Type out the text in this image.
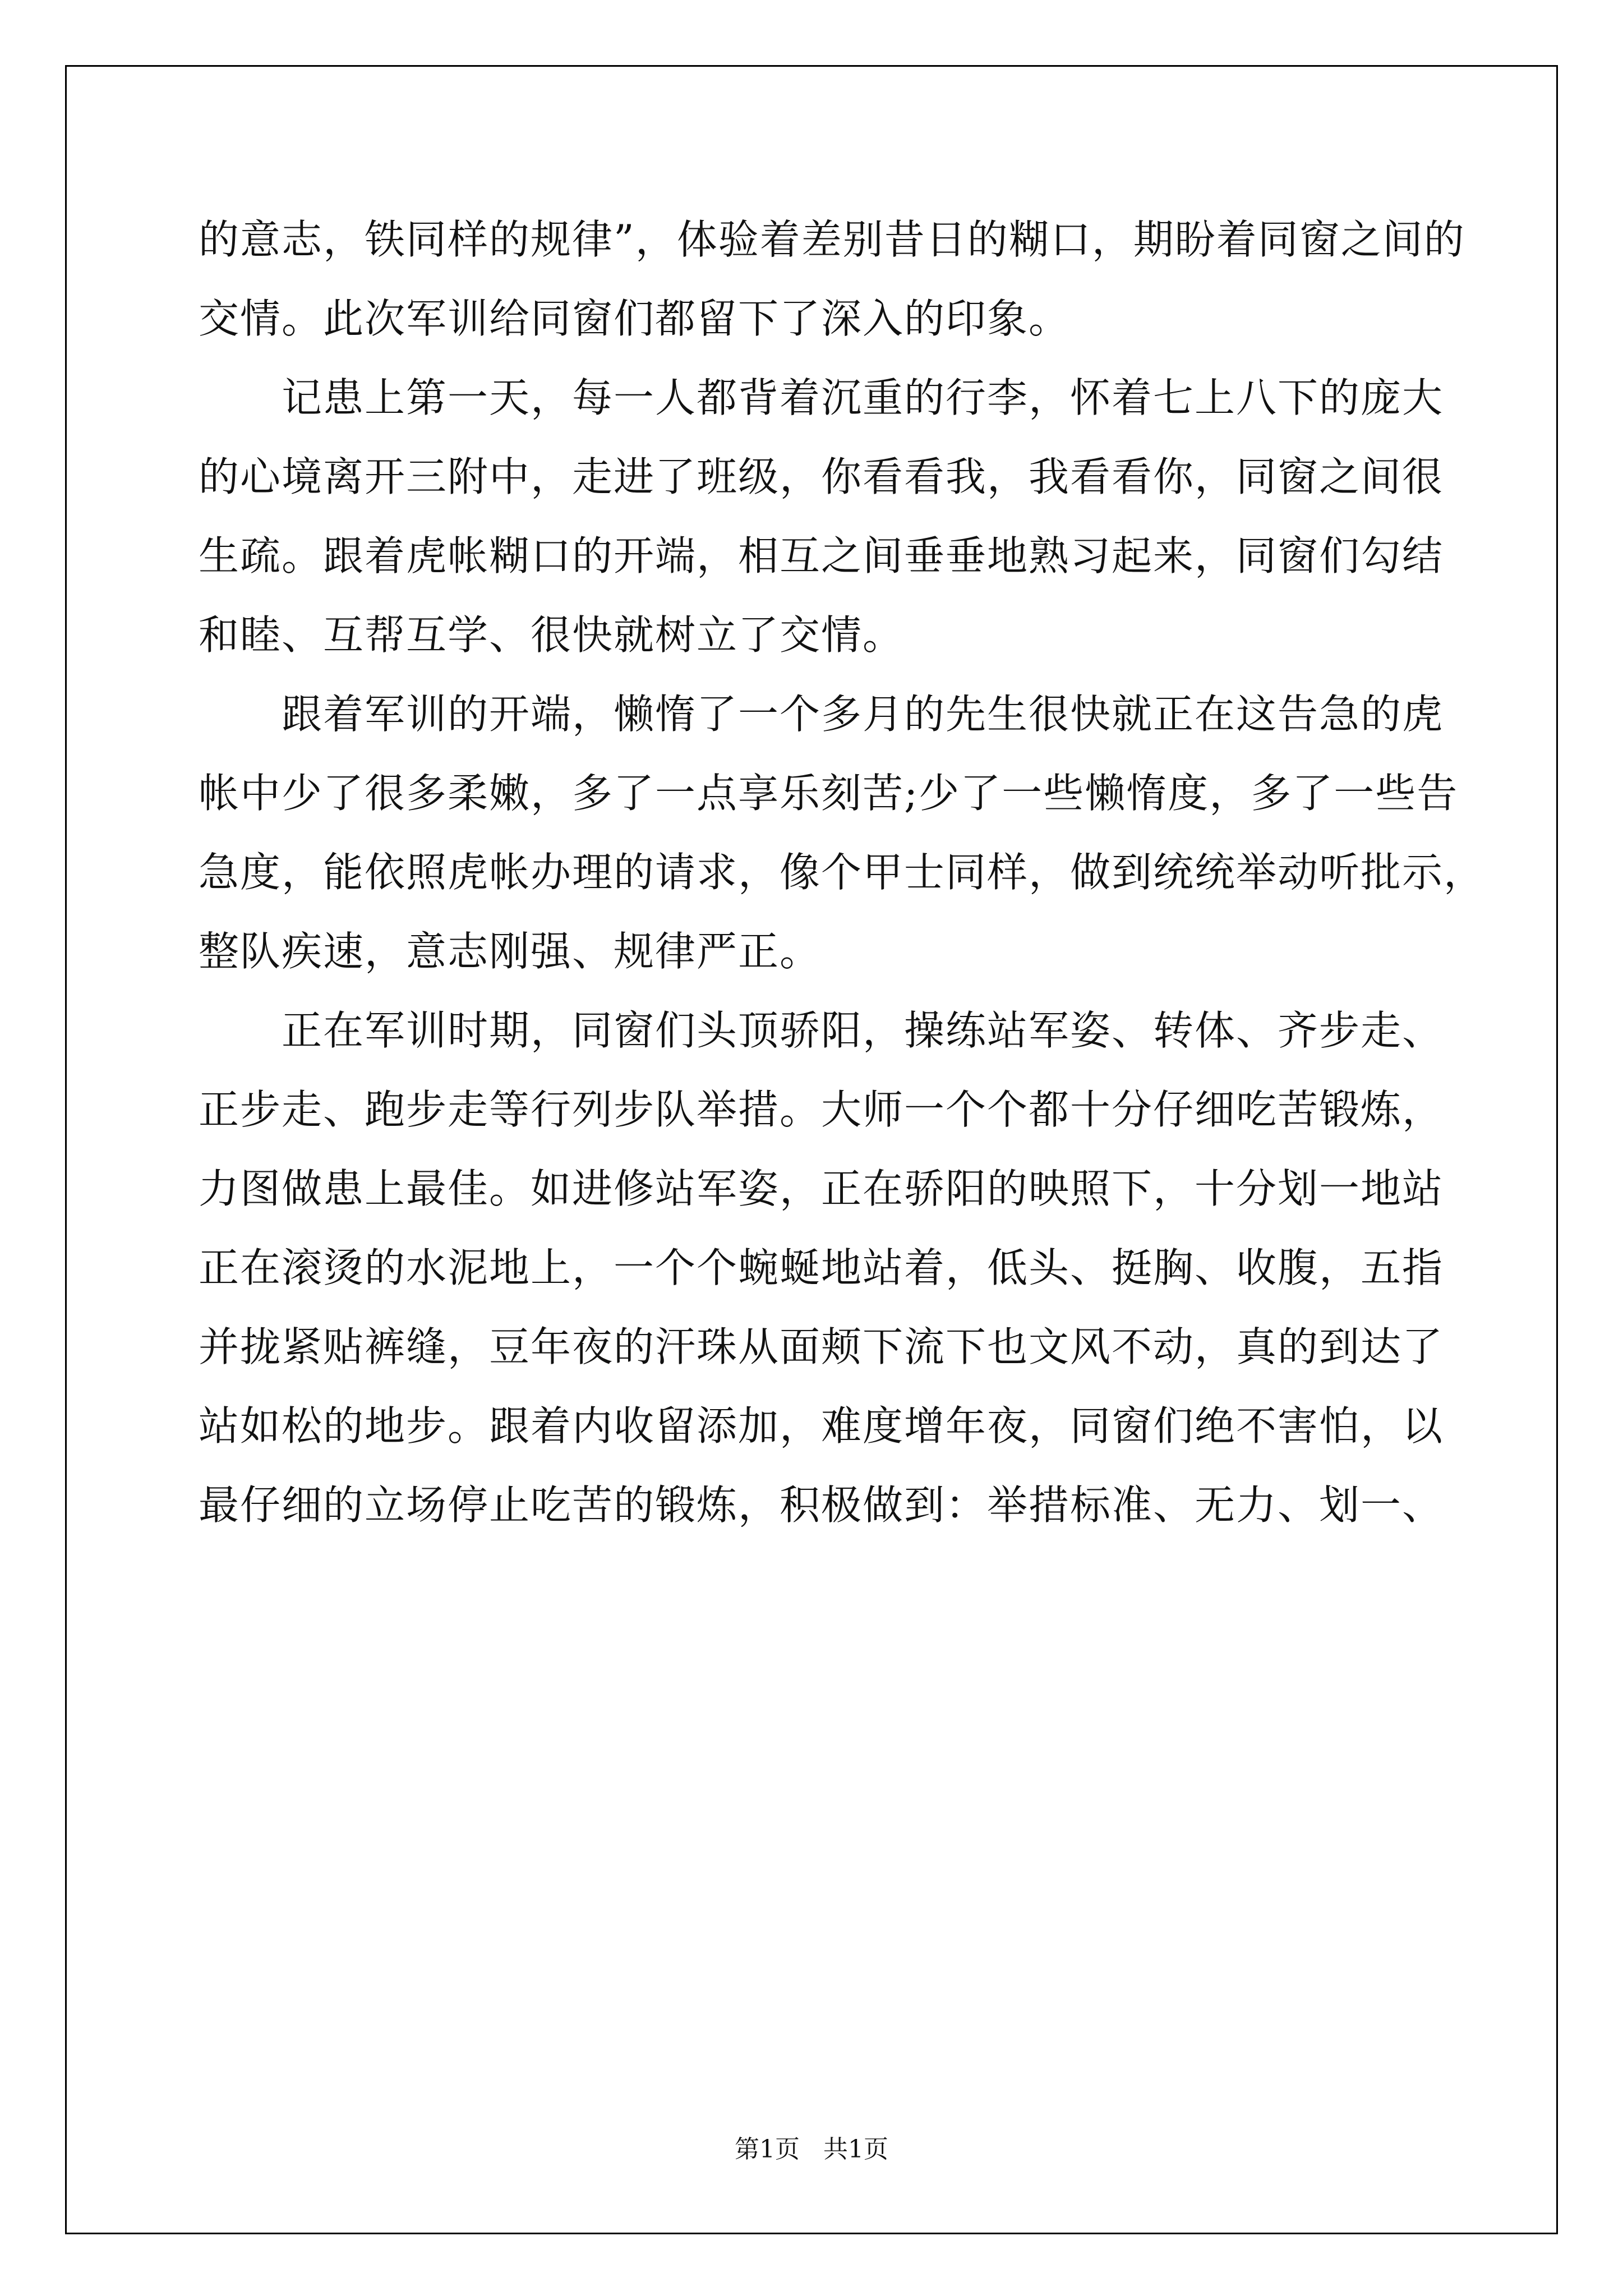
的意志，铁同样的规律”，体验着差别昔日的糊口，期盼着同窗之间的
交情。此次军训给同窗们都留下了深入的印象。
　　记患上第一天，每一人都背着沉重的行李，怀着七上八下的庞大
的心境离开三附中，走进了班级，你看看我，我看看你，同窗之间很
生疏。跟着虎帐糊口的开端，相互之间垂垂地熟习起来，同窗们勾结
和睦、互帮互学、很快就树立了交情。
　　跟着军训的开端，懒惰了一个多月的先生很快就正在这告急的虎
帐中少了很多柔嫩，多了一点享乐刻苦;少了一些懒惰度，多了一些告
急度，能依照虎帐办理的请求，像个甲士同样，做到统统举动听批示，
整队疾速，意志刚强、规律严正。
　　正在军训时期，同窗们头顶骄阳，操练站军姿、转体、齐步走、
正步走、跑步走等行列步队举措。大师一个个都十分仔细吃苦锻炼，
力图做患上最佳。如进修站军姿，正在骄阳的映照下，十分划一地站
正在滚烫的水泥地上，一个个蜿蜒地站着，低头、挺胸、收腹，五指
并拢紧贴裤缝，豆年夜的汗珠从面颊下流下也文风不动，真的到达了
站如松的地步。跟着内收留添加，难度增年夜，同窗们绝不害怕，以
最仔细的立场停止吃苦的锻炼，积极做到：举措标准、无力、划一、
第1页 共1页
